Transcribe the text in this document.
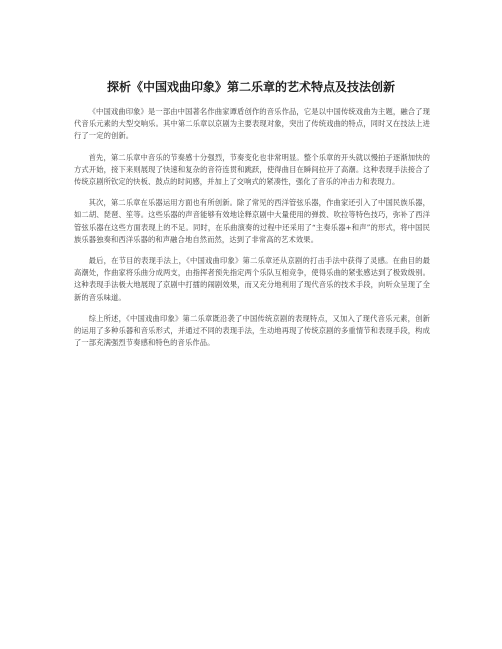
探析《中国戏曲印象》第二乐章的艺术特点及技法创新

《中国戏曲印象》是一部由中国著名作曲家谭盾创作的音乐作品，它是以中国传统戏曲为主题，融合了现代音乐元素的大型交响乐。其中第二乐章以京剧为主要表现对象，突出了传统戏曲的特点，同时又在技法上进行了一定的创新。

首先，第二乐章中音乐的节奏感十分强烈，节奏变化也非常明显。整个乐章的开头就以慢拍子逐渐加快的方式开始，接下来则展现了快速和复杂的音符连贯和跳跃，使得曲目在瞬间拉开了高潮。这种表现手法接合了传统京剧所钦定的快板、鼓点的时间感，并加上了交响式的紧凑性，强化了音乐的冲击力和表现力。

其次，第二乐章在乐器运用方面也有所创新。除了常见的西洋管弦乐器，作曲家还引入了中国民族乐器，如二胡、琵琶、笙等。这些乐器的声音能够有效地诠释京剧中大量使用的弹拨、吹拉等特色技巧，弥补了西洋管弦乐器在这些方面表现上的不足。同时，在乐曲演奏的过程中还采用了“主奏乐器+和声”的形式，将中国民族乐器独奏和西洋乐器的和声融合地自然而然，达到了非常高的艺术效果。

最后，在节目的表现手法上，《中国戏曲印象》第二乐章还从京剧的打击手法中获得了灵感。在曲目的最高潮处，作曲家将乐曲分成两支，由指挥者预先指定两个乐队互相竞争，使得乐曲的紧张感达到了极致级别。这种表现手法极大地展现了京剧中打擂的闹剧效果，而又充分地利用了现代音乐的技术手段，向听众呈现了全新的音乐味道。

综上所述，《中国戏曲印象》第二乐章既沿袭了中国传统京剧的表现特点，又加入了现代音乐元素，创新的运用了多种乐器和音乐形式，并通过不同的表现手法，生动地再现了传统京剧的多重情节和表现手段，构成了一部充满强烈节奏感和特色的音乐作品。
